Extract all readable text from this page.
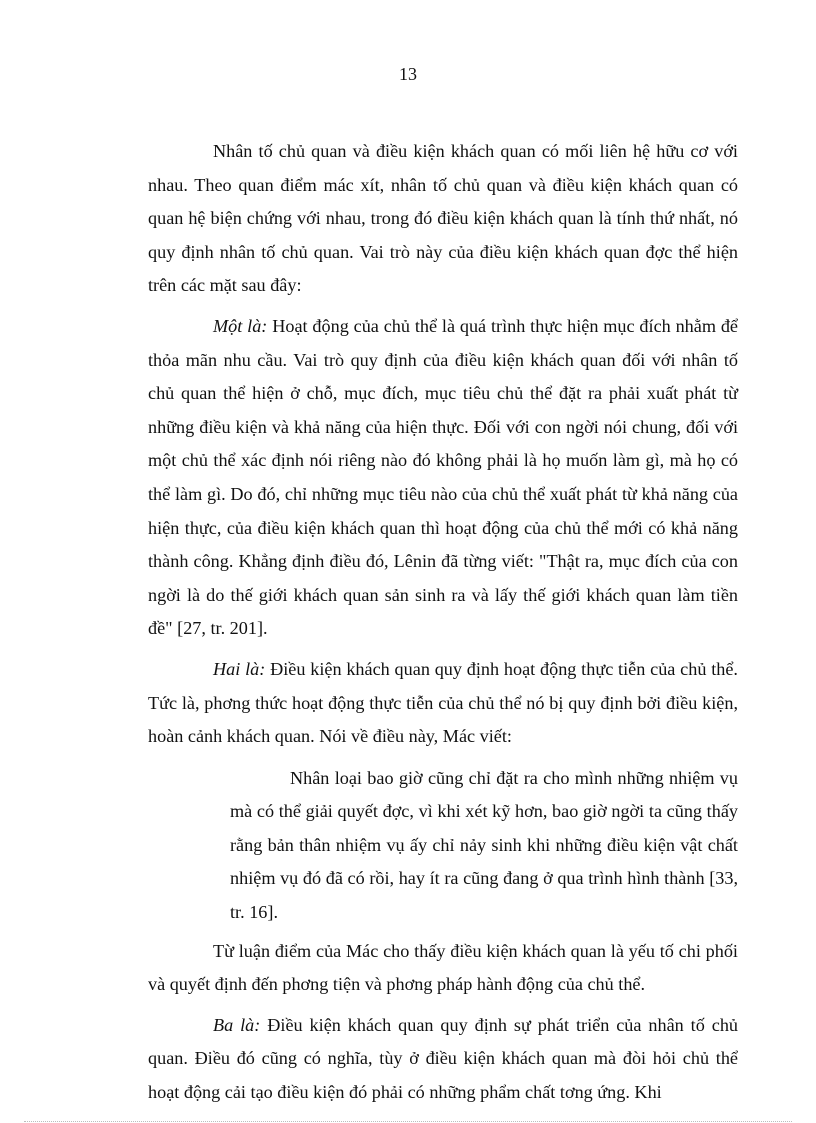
13

Nhân tố chủ quan và điều kiện khách quan có mối liên hệ hữu cơ với nhau. Theo quan điểm mác xít, nhân tố chủ quan và điều kiện khách quan có quan hệ biện chứng với nhau, trong đó điều kiện khách quan là tính thứ nhất, nó quy định nhân tố chủ quan. Vai trò này của điều kiện khách quan đợc thể hiện trên các mặt sau đây:

Một là: Hoạt động của chủ thể là quá trình thực hiện mục đích nhằm để thỏa mãn nhu cầu. Vai trò quy định của điều kiện khách quan đối với nhân tố chủ quan thể hiện ở chỗ, mục đích, mục tiêu chủ thể đặt ra phải xuất phát từ những điều kiện và khả năng của hiện thực. Đối với con ngời nói chung, đối với một chủ thể xác định nói riêng nào đó không phải là họ muốn làm gì, mà họ có thể làm gì. Do đó, chỉ những mục tiêu nào của chủ thể xuất phát từ khả năng của hiện thực, của điều kiện khách quan thì hoạt động của chủ thể mới có khả năng thành công. Khẳng định điều đó, Lênin đã từng viết: "Thật ra, mục đích của con ngời là do thế giới khách quan sản sinh ra và lấy thế giới khách quan làm tiền đề" [27, tr. 201].

Hai là: Điều kiện khách quan quy định hoạt động thực tiễn của chủ thể. Tức là, phơng thức hoạt động thực tiễn của chủ thể nó bị quy định bởi điều kiện, hoàn cảnh khách quan. Nói về điều này, Mác viết:

Nhân loại bao giờ cũng chỉ đặt ra cho mình những nhiệm vụ mà có thể giải quyết đợc, vì khi xét kỹ hơn, bao giờ ngời ta cũng thấy rằng bản thân nhiệm vụ ấy chỉ nảy sinh khi những điều kiện vật chất nhiệm vụ đó đã có rồi, hay ít ra cũng đang ở qua trình hình thành [33, tr. 16].

Từ luận điểm của Mác cho thấy điều kiện khách quan là yếu tố chi phối và quyết định đến phơng tiện và phơng pháp hành động của chủ thể.

Ba là: Điều kiện khách quan quy định sự phát triển của nhân tố chủ quan. Điều đó cũng có nghĩa, tùy ở điều kiện khách quan mà đòi hỏi chủ thể hoạt động cải tạo điều kiện đó phải có những phẩm chất tơng ứng. Khi
